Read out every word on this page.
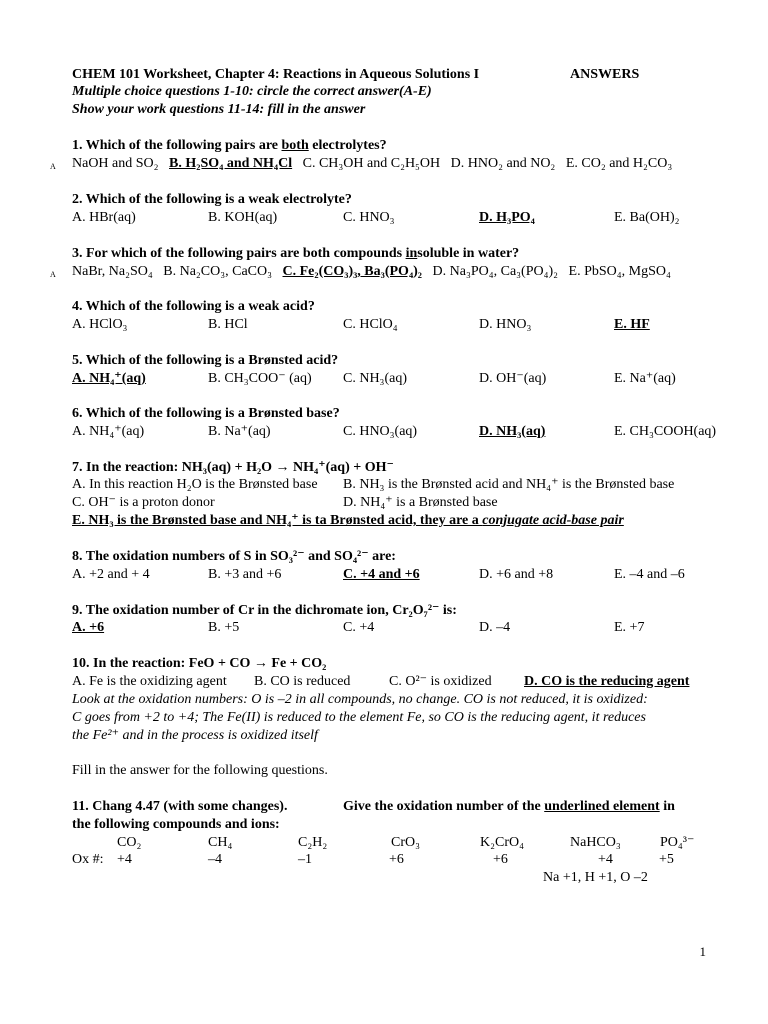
CHEM 101 Worksheet, Chapter 4: Reactions in Aqueous Solutions I	ANSWERS
Multiple choice questions 1-10: circle the correct answer(A-E)
Show your work questions 11-14: fill in the answer
1. Which of the following pairs are both electrolytes?
A NaOH and SO₂ B. H₂SO₄ and NH₄Cl C. CH₃OH and C₂H₅OH D. HNO₂ and NO₂ E. CO₂ and H₂CO₃
2. Which of the following is a weak electrolyte?
A. HBr(aq)	B. KOH(aq)	C. HNO₃	D. H₃PO₄	E. Ba(OH)₂
3. For which of the following pairs are both compounds insoluble in water?
A NaBr, Na₂SO₄ B. Na₂CO₃, CaCO₃ C. Fe₂(CO₃)₃, Ba₃(PO₄)₂ D. Na₃PO₄, Ca₃(PO₄)₂ E. PbSO₄, MgSO₄
4. Which of the following is a weak acid?
A. HClO₃	B. HCl	C. HClO₄	D. HNO₃	E. HF
5. Which of the following is a Brønsted acid?
A. NH₄⁺(aq)	B. CH₃COO⁻ (aq) C. NH₃(aq)	D. OH⁻(aq)	E. Na⁺(aq)
6. Which of the following is a Brønsted base?
A. NH₄⁺(aq)	B. Na⁺(aq)	C. HNO₃(aq)	D. NH₃(aq)	E. CH₃COOH(aq)
7. In the reaction: NH₃(aq) + H₂O → NH₄⁺(aq) + OH⁻
A. In this reaction H₂O is the Brønsted base B. NH₃ is the Brønsted acid and NH₄⁺ is the Brønsted base
C. OH⁻ is a proton donor	D. NH₄⁺ is a Brønsted base
E. NH₃ is the Brønsted base and NH₄⁺ is ta Brønsted acid, they are a conjugate acid-base pair
8. The oxidation numbers of S in SO₃²⁻ and SO₄²⁻ are:
A. +2 and + 4	B. +3 and +6	C. +4 and +6	D. +6 and +8	E. –4 and –6
9. The oxidation number of Cr in the dichromate ion, Cr₂O₇²⁻ is:
A. +6	B. +5	C. +4	D. –4	E. +7
10. In the reaction: FeO + CO → Fe + CO₂
A. Fe is the oxidizing agent B. CO is reduced	C. O²⁻ is oxidized D. CO is the reducing agent
Look at the oxidation numbers: O is –2 in all compounds, no change. CO is not reduced, it is oxidized:
C goes from +2 to +4; The Fe(II) is reduced to the element Fe, so CO is the reducing agent, it reduces
the Fe²⁺ and in the process is oxidized itself
Fill in the answer for the following questions.
11. Chang 4.47 (with some changes).	Give the oxidation number of the underlined element in
the following compounds and ions:
CO₂	CH₄	C₂H₂	CrO₃	K₂CrO₄	NaHCO₃	PO₄³⁻
Ox #: +4	–4	–1	+6	+6	+4	+5
Na +1, H +1, O –2
1
